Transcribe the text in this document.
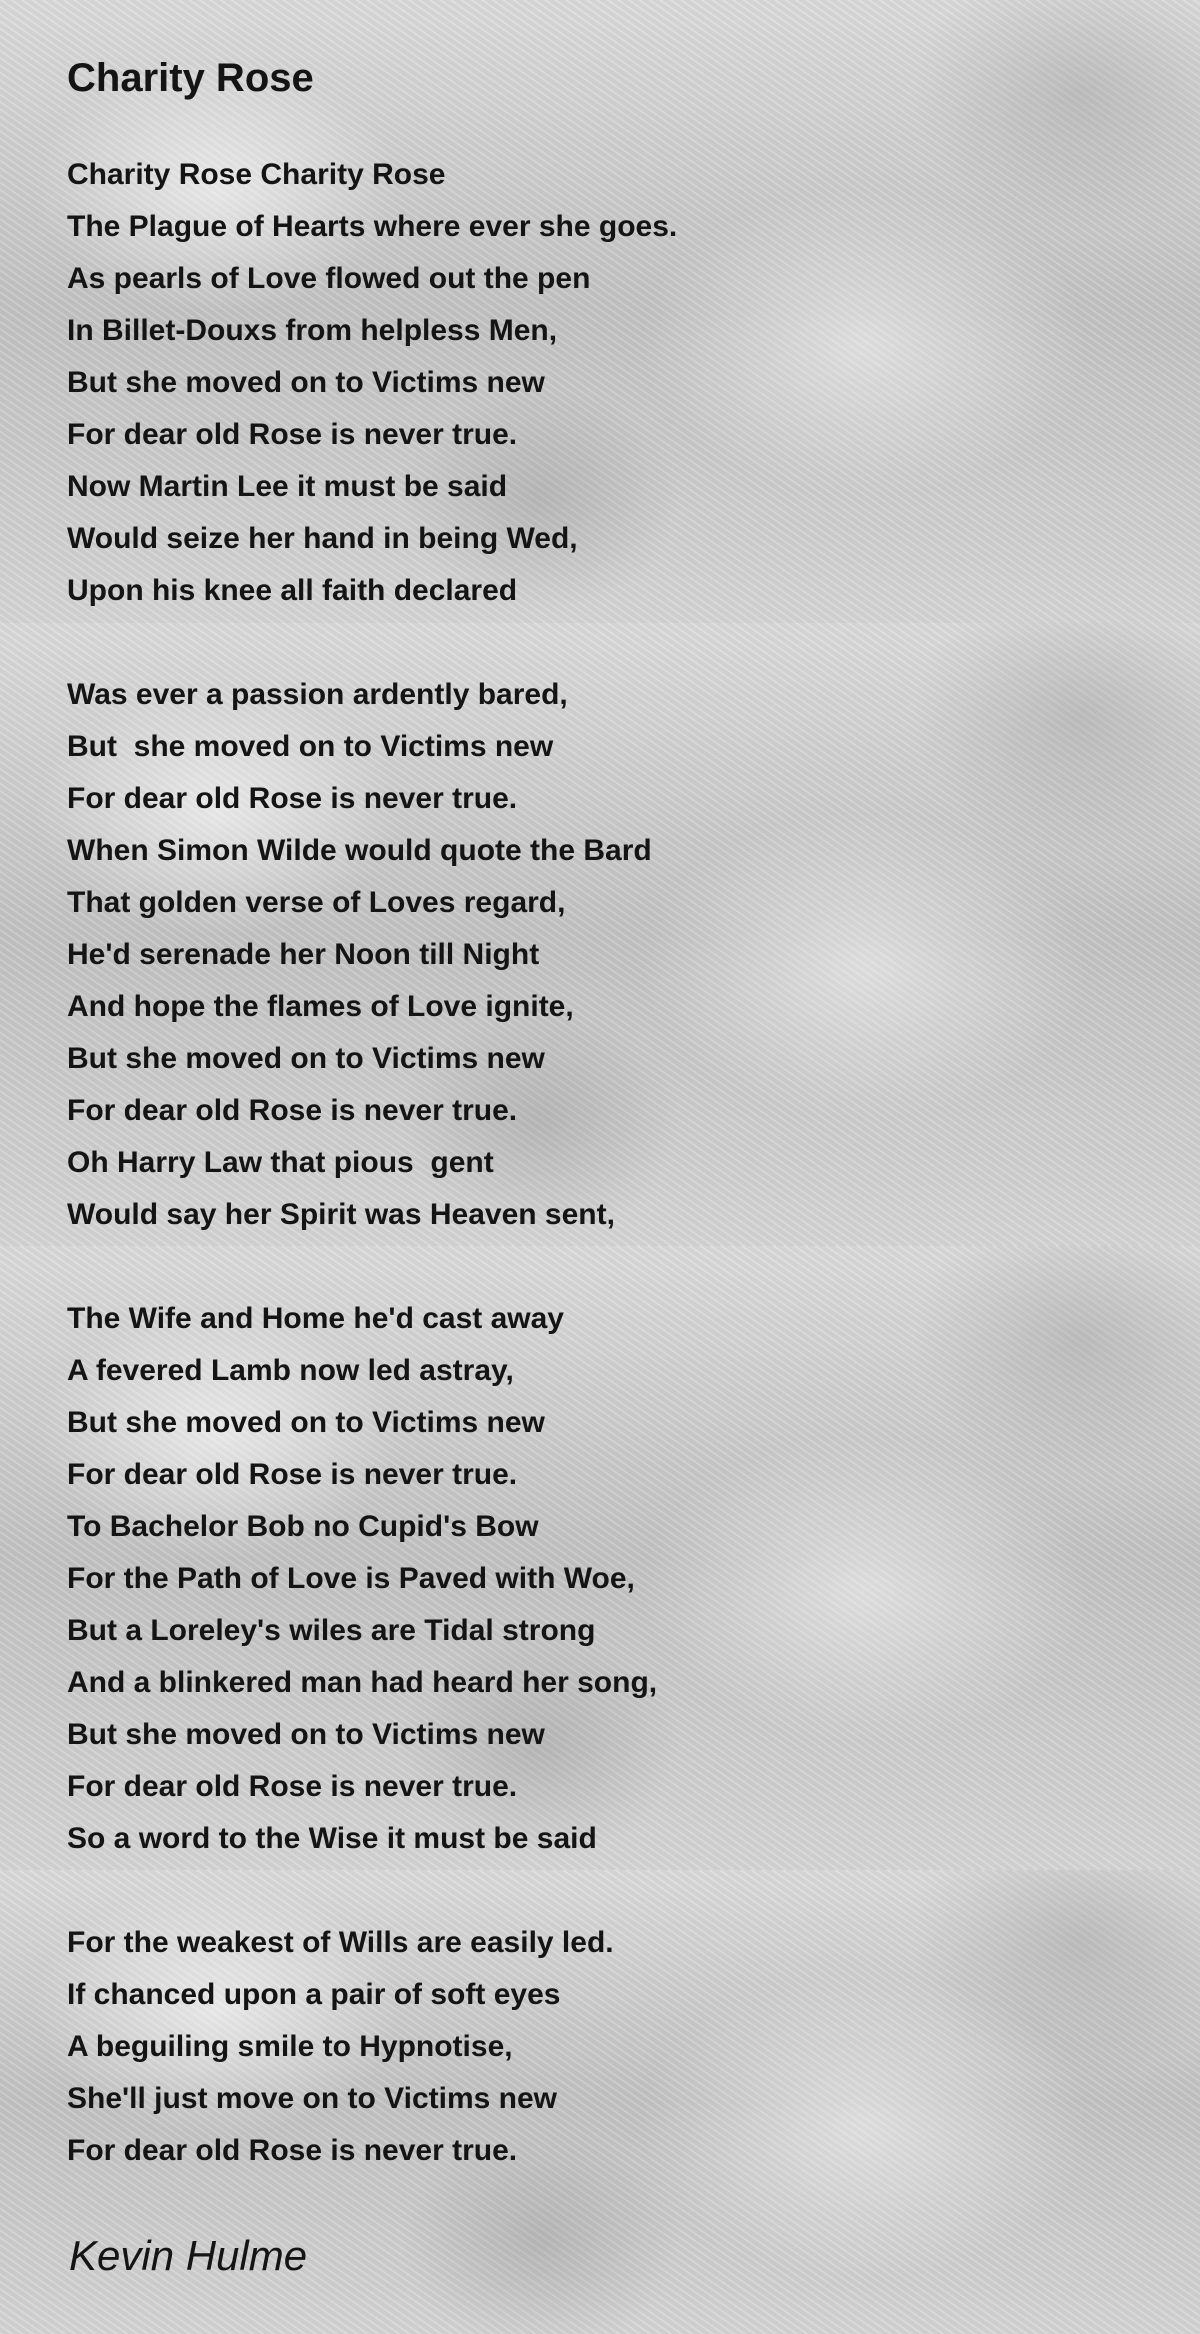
Charity Rose
Charity Rose Charity Rose
The Plague of Hearts where ever she goes.
As pearls of Love flowed out the pen
In Billet-Douxs from helpless Men,
But she moved on to Victims new
For dear old Rose is never true.
Now Martin Lee it must be said
Would seize her hand in being Wed,
Upon his knee all faith declared
Was ever a passion ardently bared,
But  she moved on to Victims new
For dear old Rose is never true.
When Simon Wilde would quote the Bard
That golden verse of Loves regard,
He'd serenade her Noon till Night
And hope the flames of Love ignite,
But she moved on to Victims new
For dear old Rose is never true.
Oh Harry Law that pious  gent
Would say her Spirit was Heaven sent,
The Wife and Home he'd cast away
A fevered Lamb now led astray,
But she moved on to Victims new
For dear old Rose is never true.
To Bachelor Bob no Cupid's Bow
For the Path of Love is Paved with Woe,
But a Loreley's wiles are Tidal strong
And a blinkered man had heard her song,
But she moved on to Victims new
For dear old Rose is never true.
So a word to the Wise it must be said
For the weakest of Wills are easily led.
If chanced upon a pair of soft eyes
A beguiling smile to Hypnotise,
She'll just move on to Victims new
For dear old Rose is never true.

Kevin Hulme
